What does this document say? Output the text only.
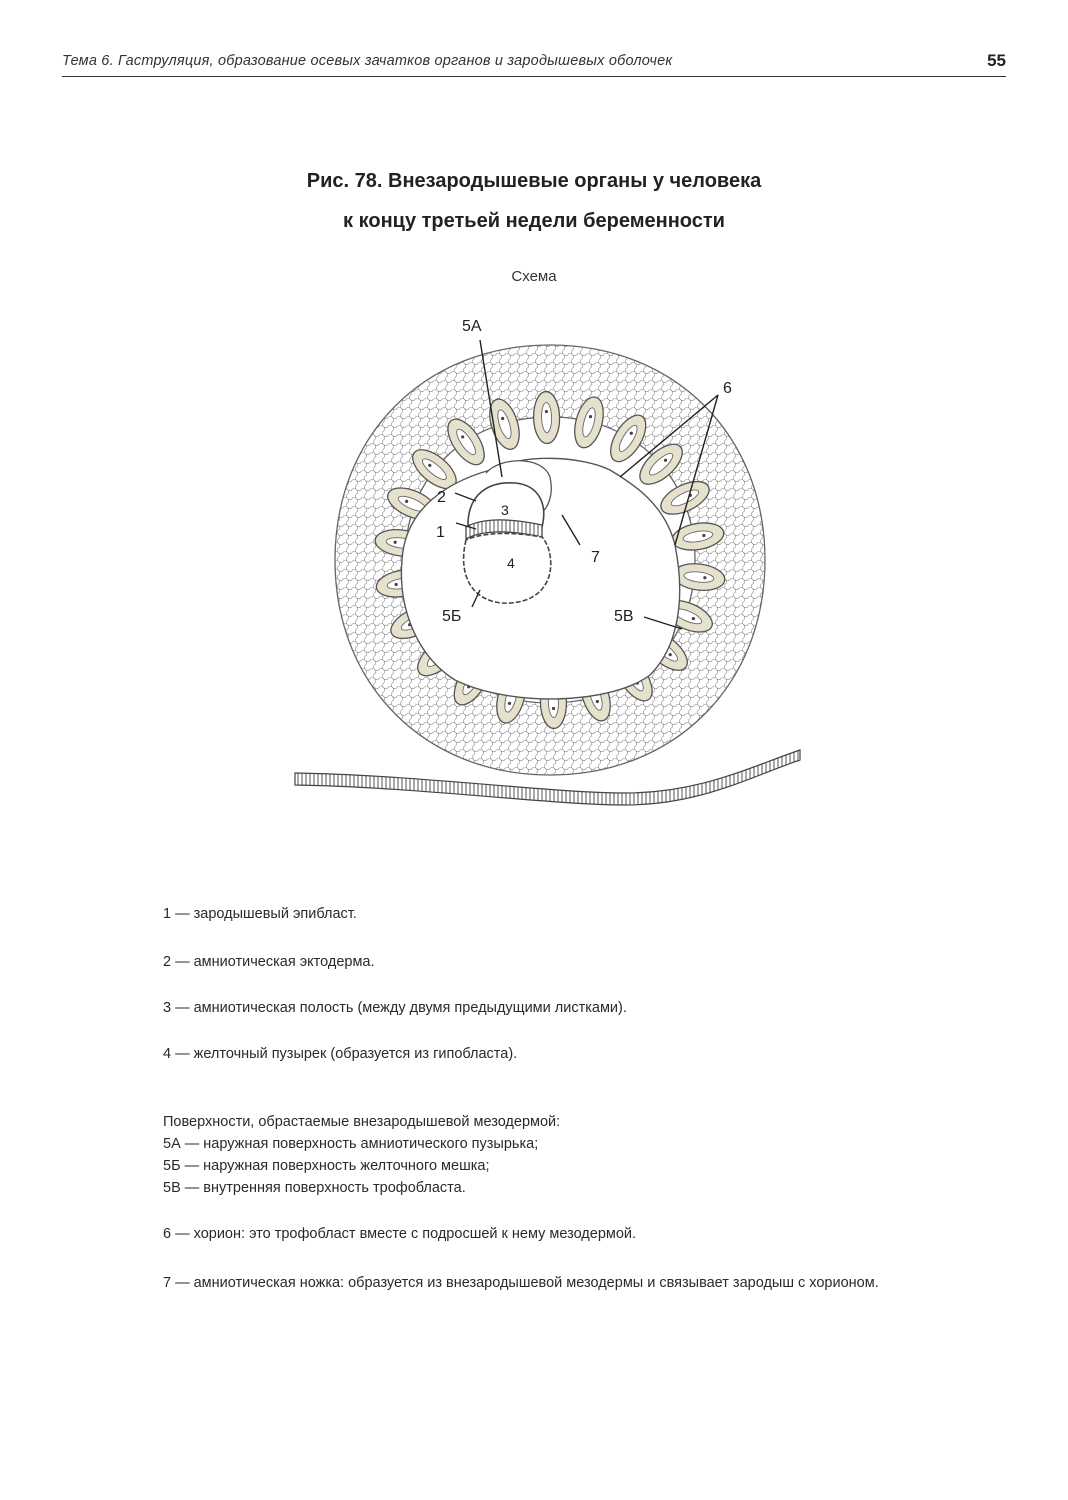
Тема 6. Гаструляция, образование осевых зачатков органов и зародышевых оболочек	55
Рис. 78. Внезародышевые органы у человека
к концу третьей недели беременности
Схема
5А
6
2
3
1
7
4
5Б	5В
1 — зародышевый эпибласт.
2 — амниотическая эктодерма.
3 — амниотическая полость (между двумя предыдущими листками).
4 — желточный пузырек (образуется из гипобласта).
Поверхности, обрастаемые внезародышевой мезодермой:
5А — наружная поверхность амниотического пузырька;
5Б — наружная поверхность желточного мешка;
5В — внутренняя поверхность трофобласта.
6 — хорион: это трофобласт вместе с подросшей к нему мезодермой.
7 — амниотическая ножка: образуется из внезародышевой мезодермы и связывает зародыш с хорионом.
